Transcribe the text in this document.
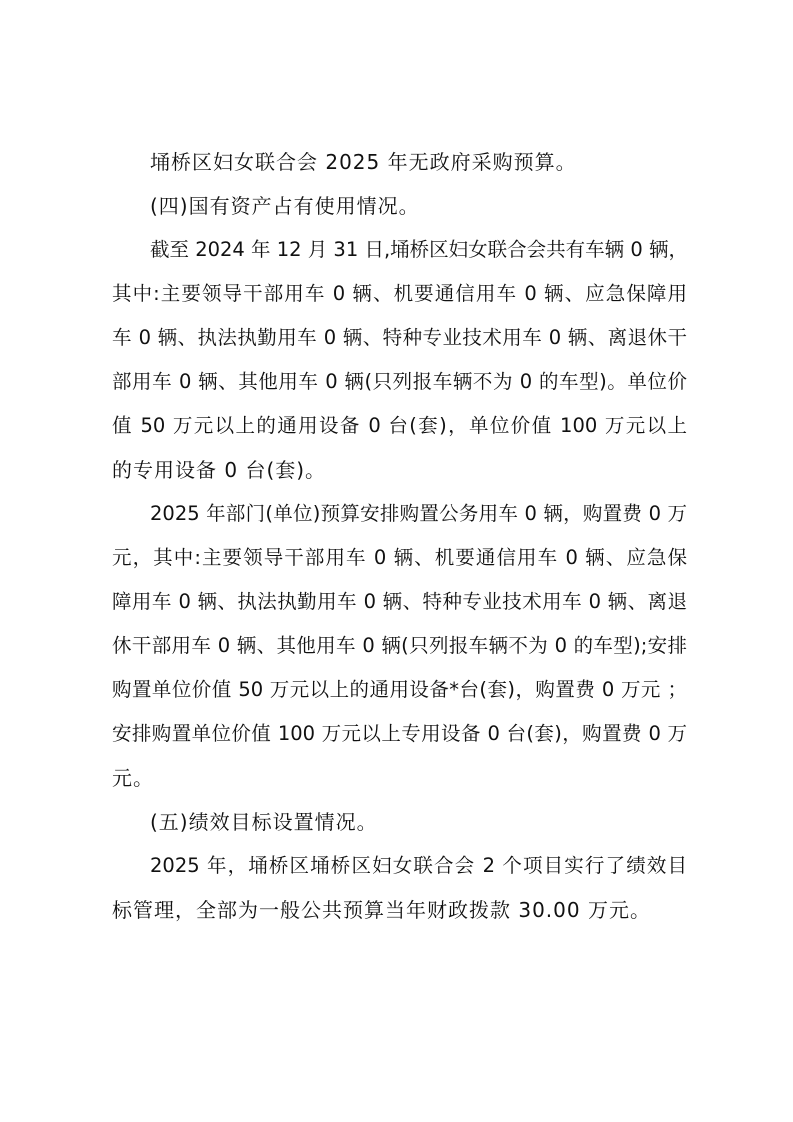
埇桥区妇女联合会 2025 年无政府采购预算。
(四)国有资产占有使用情况。
截至 2024 年 12 月 31 日,埇桥区妇女联合会共有车辆 0 辆，
其中:主要领导干部用车 0 辆、机要通信用车 0 辆、应急保障用
车 0 辆、执法执勤用车 0 辆、特种专业技术用车 0 辆、离退休干
部用车 0 辆、其他用车 0 辆(只列报车辆不为 0 的车型)。单位价
值 50 万元以上的通用设备 0 台(套)，单位价值 100 万元以上
的专用设备 0 台(套)。
2025 年部门(单位)预算安排购置公务用车 0 辆，购置费 0 万
元，其中:主要领导干部用车 0 辆、机要通信用车 0 辆、应急保
障用车 0 辆、执法执勤用车 0 辆、特种专业技术用车 0 辆、离退
休干部用车 0 辆、其他用车 0 辆(只列报车辆不为 0 的车型);安排
购置单位价值 50 万元以上的通用设备*台(套)，购置费 0 万元 ；
安排购置单位价值 100 万元以上专用设备 0 台(套)，购置费 0 万
元。
(五)绩效目标设置情况。
2025 年，埇桥区埇桥区妇女联合会 2 个项目实行了绩效目
标管理，全部为一般公共预算当年财政拨款 30.00 万元。
